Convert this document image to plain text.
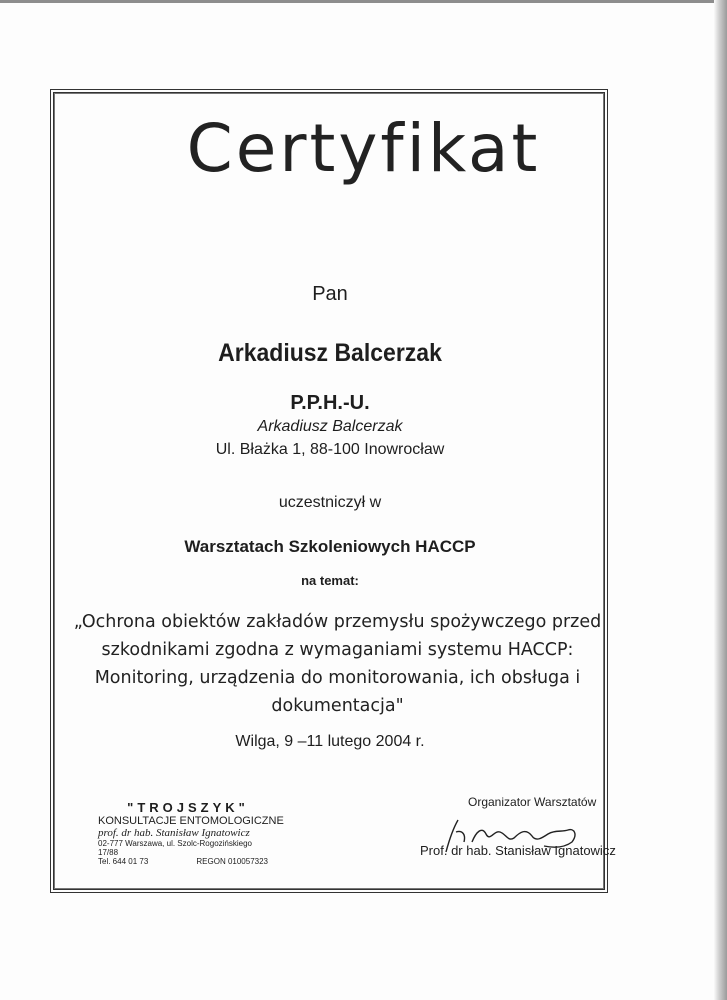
Certyfikat
Pan
Arkadiusz Balcerzak
P.P.H.-U.
Arkadiusz Balcerzak
Ul. Błażka 1, 88-100 Inowrocław
uczestniczył w
Warsztatach Szkoleniowych HACCP
na temat:
„Ochrona obiektów zakładów przemysłu spożywczego przed
szkodnikami zgodna z wymaganiami systemu HACCP:
Monitoring, urządzenia do monitorowania, ich obsługa i
dokumentacja"
Wilga, 9 –11 lutego 2004 r.
"TROJSZYK"
KONSULTACJE ENTOMOLOGICZNE
prof. dr hab. Stanisław Ignatowicz
02-777 Warszawa, ul. Szolc-Rogozińskiego 17/88
Tel. 644 01 73	REGON 010057323
Organizator Warsztatów
Prof. dr hab. Stanisław Ignatowicz
